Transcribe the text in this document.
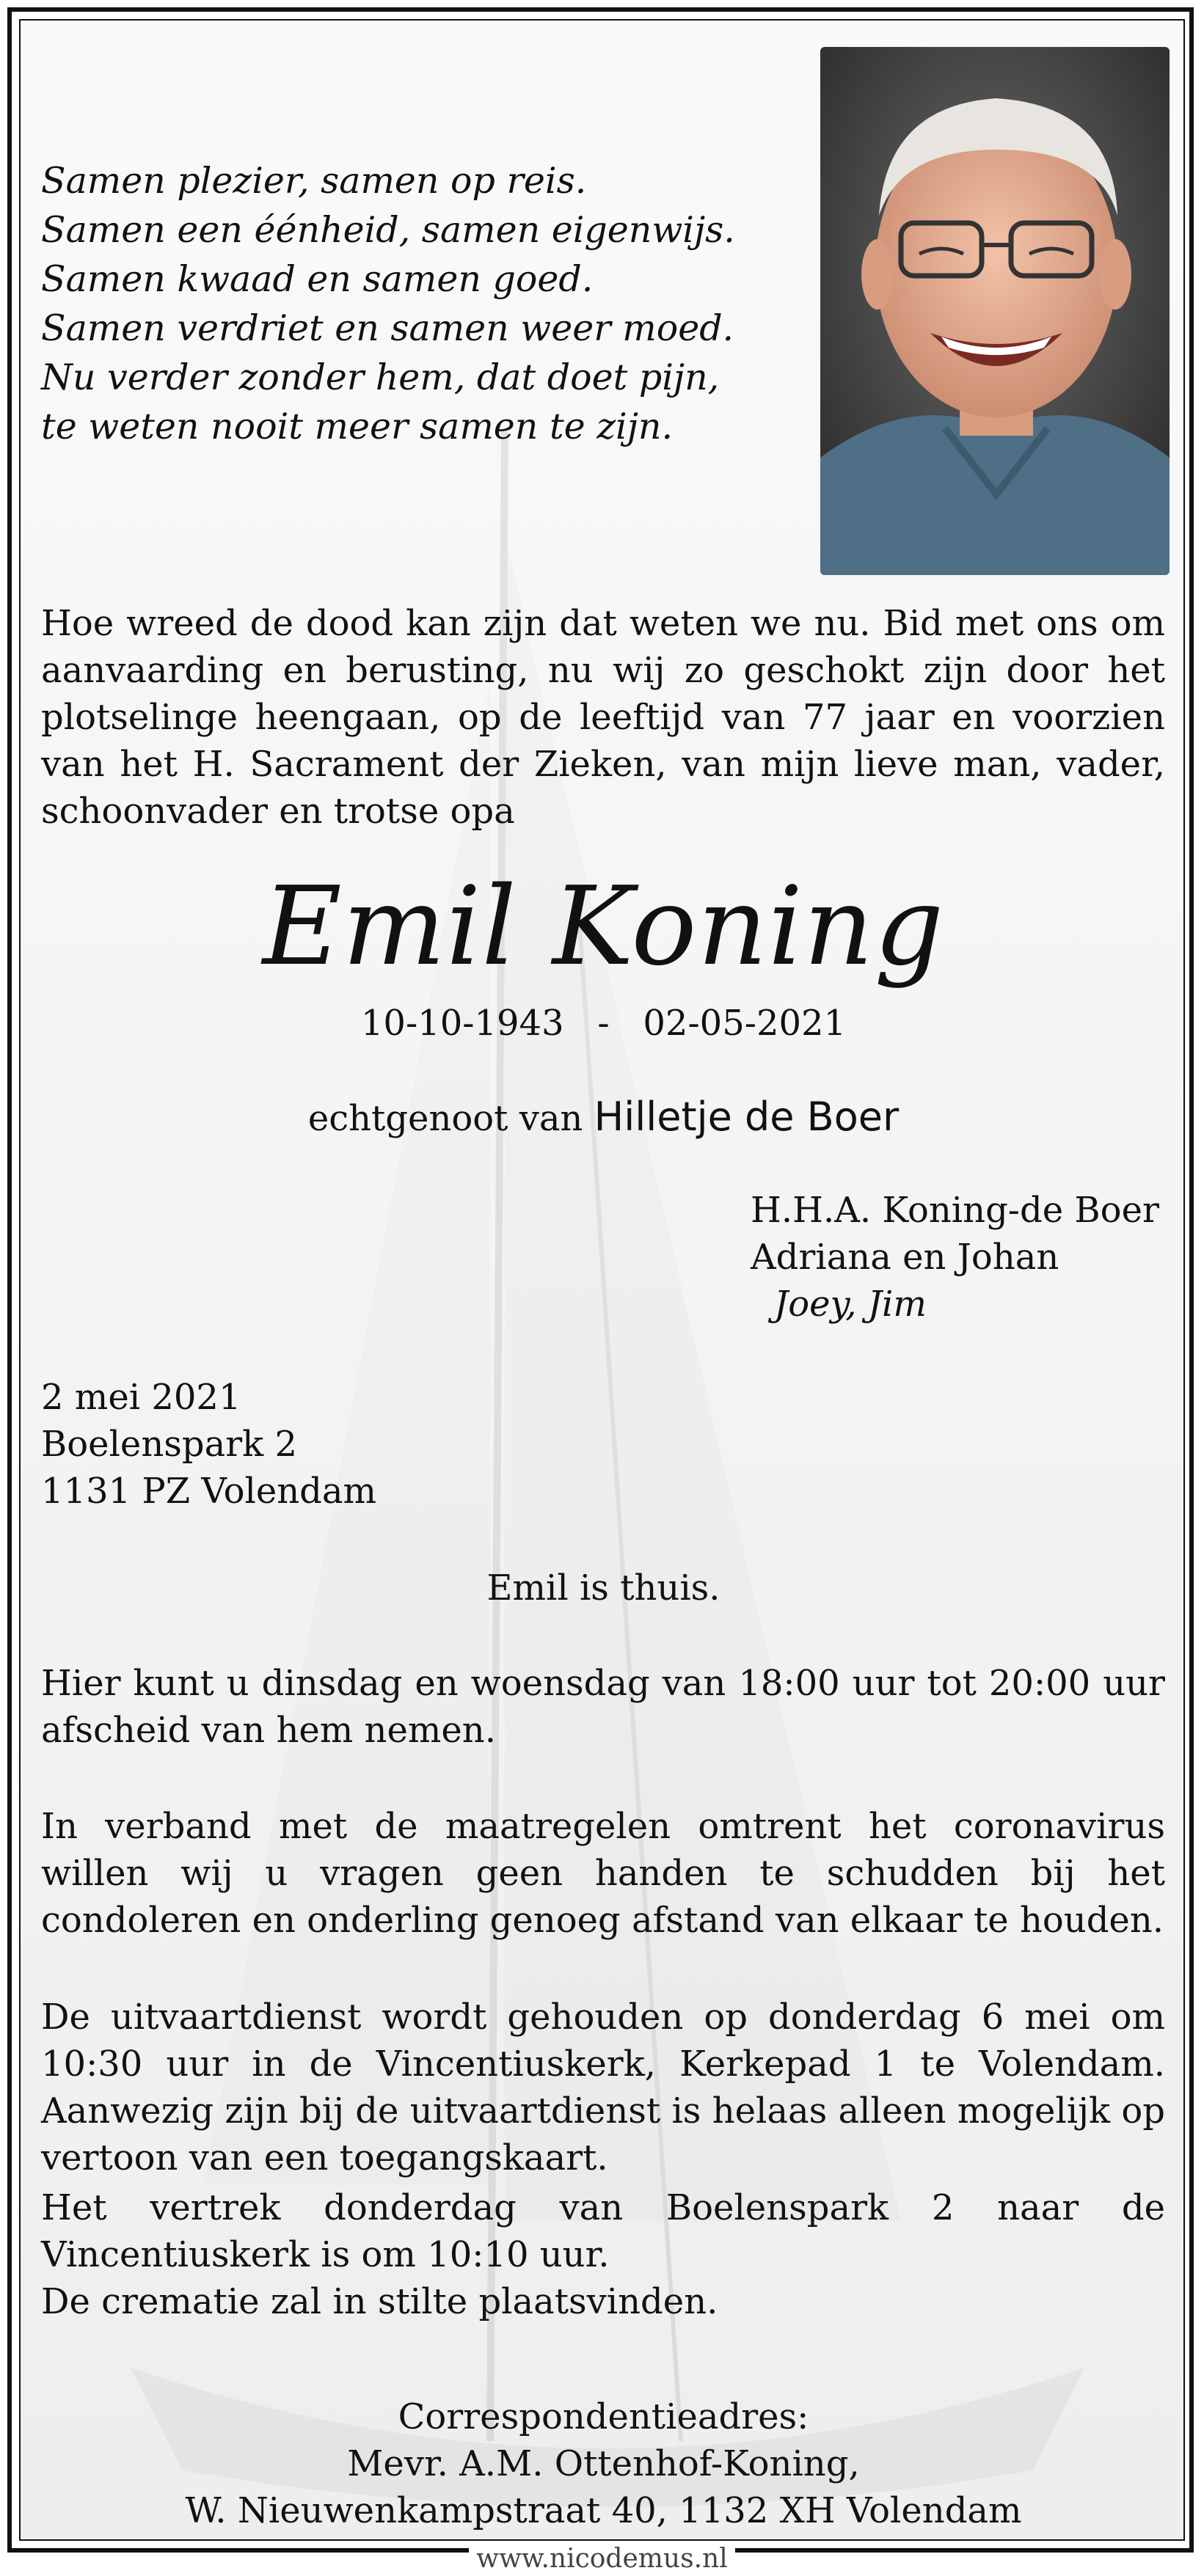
Samen plezier, samen op reis.
Samen een éénheid, samen eigenwijs.
Samen kwaad en samen goed.
Samen verdriet en samen weer moed.
Nu verder zonder hem, dat doet pijn,
te weten nooit meer samen te zijn.
Hoe wreed de dood kan zijn dat weten we nu. Bid met ons om aanvaarding en berusting, nu wij zo geschokt zijn door het plotselinge heengaan, op de leeftijd van 77 jaar en voorzien van het H. Sacrament der Zieken, van mijn lieve man, vader, schoonvader en trotse opa
Emil Koning
10-10-1943   -   02-05-2021
echtgenoot van Hilletje de Boer
H.H.A. Koning-de Boer
Adriana en Johan
Joey, Jim
2 mei 2021
Boelenspark 2
1131 PZ Volendam
Emil is thuis.
Hier kunt u dinsdag en woensdag van 18:00 uur tot 20:00 uur afscheid van hem nemen.
In verband met de maatregelen omtrent het coronavirus willen wij u vragen geen handen te schudden bij het condoleren en onderling genoeg afstand van elkaar te houden.
De uitvaartdienst wordt gehouden op donderdag 6 mei om 10:30 uur in de Vincentiuskerk, Kerkepad 1 te Volendam. Aanwezig zijn bij de uitvaartdienst is helaas alleen mogelijk op vertoon van een toegangskaart.
Het vertrek donderdag van Boelenspark 2 naar de Vincentiuskerk is om 10:10 uur.
De crematie zal in stilte plaatsvinden.
Correspondentieadres:
Mevr. A.M. Ottenhof-Koning,
W. Nieuwenkampstraat 40, 1132 XH Volendam
www.nicodemus.nl
